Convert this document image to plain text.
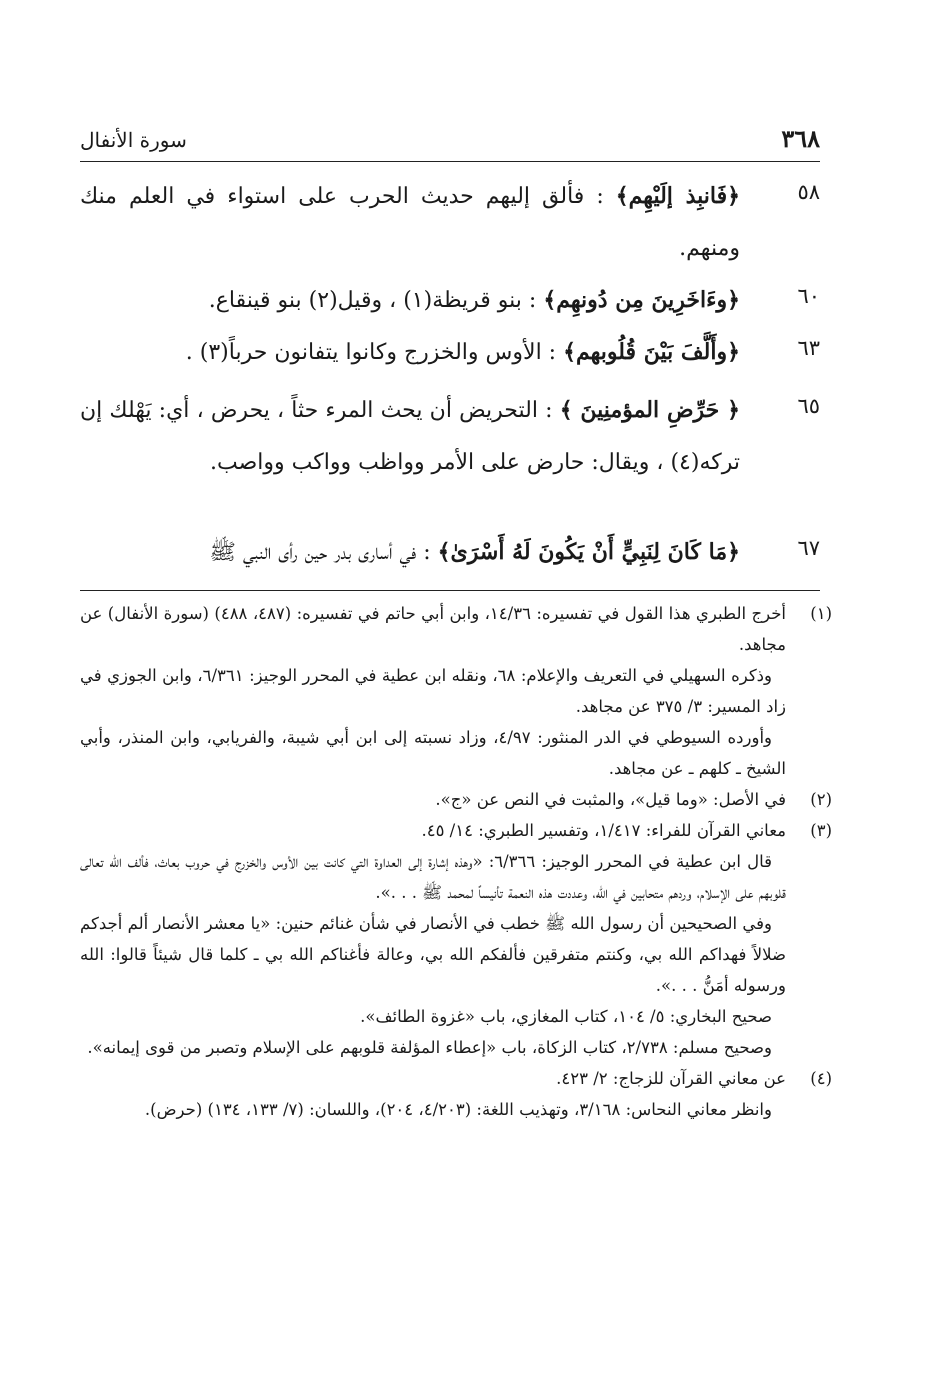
٣٦٨
سورة الأنفال
٥٨
﴿فَانبِذ إلَيْهِم﴾ : فألق إليهم حديث الحرب على استواء في العلم منك ومنهم.
٦٠
﴿وءَاخَرِينَ مِن دُونهِم﴾ : بنو قريظة(١) ، وقيل(٢) بنو قينقاع.
٦٣
﴿وأَلَّفَ بَيْنَ قُلُوبهم﴾ : الأوس والخزرج وكانوا يتفانون حرباً(٣) .
٦٥
﴿ حَرِّضِ المؤمنِينَ ﴾ : التحريض أن يحث المرء حثاً ، يحرض ، أي: يَهْلك إن تركه(٤) ، ويقال: حارض على الأمر وواظب وواكب وواصب.
٦٧
﴿مَا كَانَ لِنَبِيٍّ أَنْ يَكُونَ لَهُ أَسْرَىٰ﴾ : في أسارى بدر حين رأى النبي ﷺ
(١)
أخرج الطبري هذا القول في تفسيره: ١٤/٣٦، وابن أبي حاتم في تفسيره: (٤٨٧، ٤٨٨) (سورة الأنفال) عن مجاهد.
وذكره السهيلي في التعريف والإعلام: ٦٨، ونقله ابن عطية في المحرر الوجيز: ٦/٣٦١، وابن الجوزي في زاد المسير: ٣/ ٣٧٥ عن مجاهد.
وأورده السيوطي في الدر المنثور: ٤/٩٧، وزاد نسبته إلى ابن أبي شيبة، والفريابي، وابن المنذر، وأبي الشيخ ـ كلهم ـ عن مجاهد.
(٢)
في الأصل: «وما قيل»، والمثبت في النص عن «ج».
(٣)
معاني القرآن للفراء: ١/٤١٧، وتفسير الطبري: ١٤/ ٤٥.
قال ابن عطية في المحرر الوجيز: ٦/٣٦٦: «وهذه إشارة إلى العداوة التي كانت بين الأوس والخزرج في حروب بعاث، فألف الله تعالى قلوبهم على الإسلام، وردهم متحابين في الله، وعددت هذه النعمة تأنيساً لمحمد ﷺ . . .».
وفي الصحيحين أن رسول الله ﷺ خطب في الأنصار في شأن غنائم حنين: «يا معشر الأنصار ألم أجدكم ضلالاً فهداكم الله بي، وكنتم متفرقين فألفكم الله بي، وعالة فأغناكم الله بي ـ كلما قال شيئاً قالوا: الله ورسوله أمَنُّ . . .».
صحيح البخاري: ٥/ ١٠٤، كتاب المغازي، باب «غزوة الطائف».
وصحيح مسلم: ٢/٧٣٨، كتاب الزكاة، باب «إعطاء المؤلفة قلوبهم على الإسلام وتصبر من قوى إيمانه».
(٤)
عن معاني القرآن للزجاج: ٢/ ٤٢٣.
وانظر معاني النحاس: ٣/١٦٨، وتهذيب اللغة: (٤/٢٠٣، ٢٠٤)، واللسان: (٧/ ١٣٣، ١٣٤) (حرض).
